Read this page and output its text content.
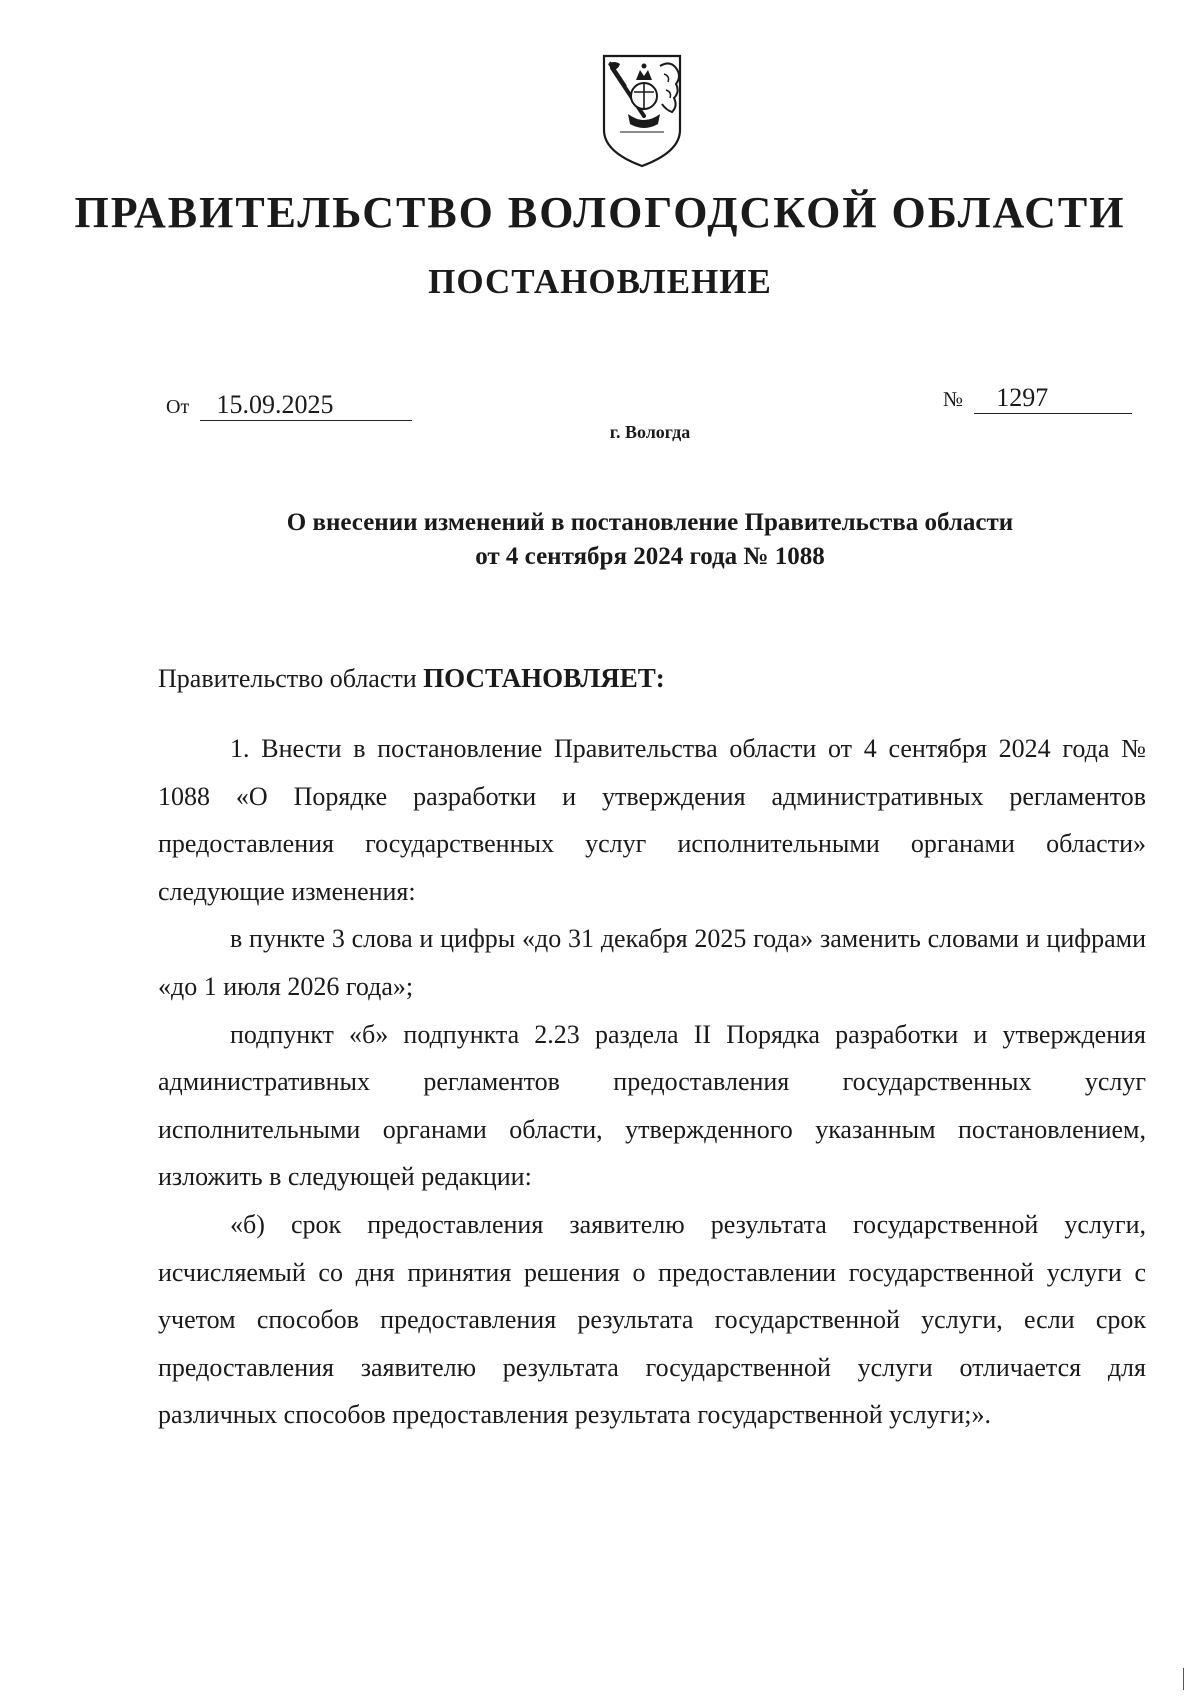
ПРАВИТЕЛЬСТВО ВОЛОГОДСКОЙ ОБЛАСТИ
ПОСТАНОВЛЕНИЕ
От 15.09.2025	№ 1297
г. Вологда
О внесении изменений в постановление Правительства области
от 4 сентября 2024 года № 1088
Правительство области ПОСТАНОВЛЯЕТ:

1. Внести в постановление Правительства области от 4 сентября 2024 года № 1088 «О Порядке разработки и утверждения административных регламентов предоставления государственных услуг исполнительными органами области» следующие изменения:

в пункте 3 слова и цифры «до 31 декабря 2025 года» заменить словами и цифрами «до 1 июля 2026 года»;

подпункт «б» подпункта 2.23 раздела II Порядка разработки и утверждения административных регламентов предоставления государственных услуг исполнительными органами области, утвержденного указанным постановлением, изложить в следующей редакции:

«б) срок предоставления заявителю результата государственной услуги, исчисляемый со дня принятия решения о предоставлении государственной услуги с учетом способов предоставления результата государственной услуги, если срок предоставления заявителю результата государственной услуги отличается для различных способов предоставления результата государственной услуги;».
